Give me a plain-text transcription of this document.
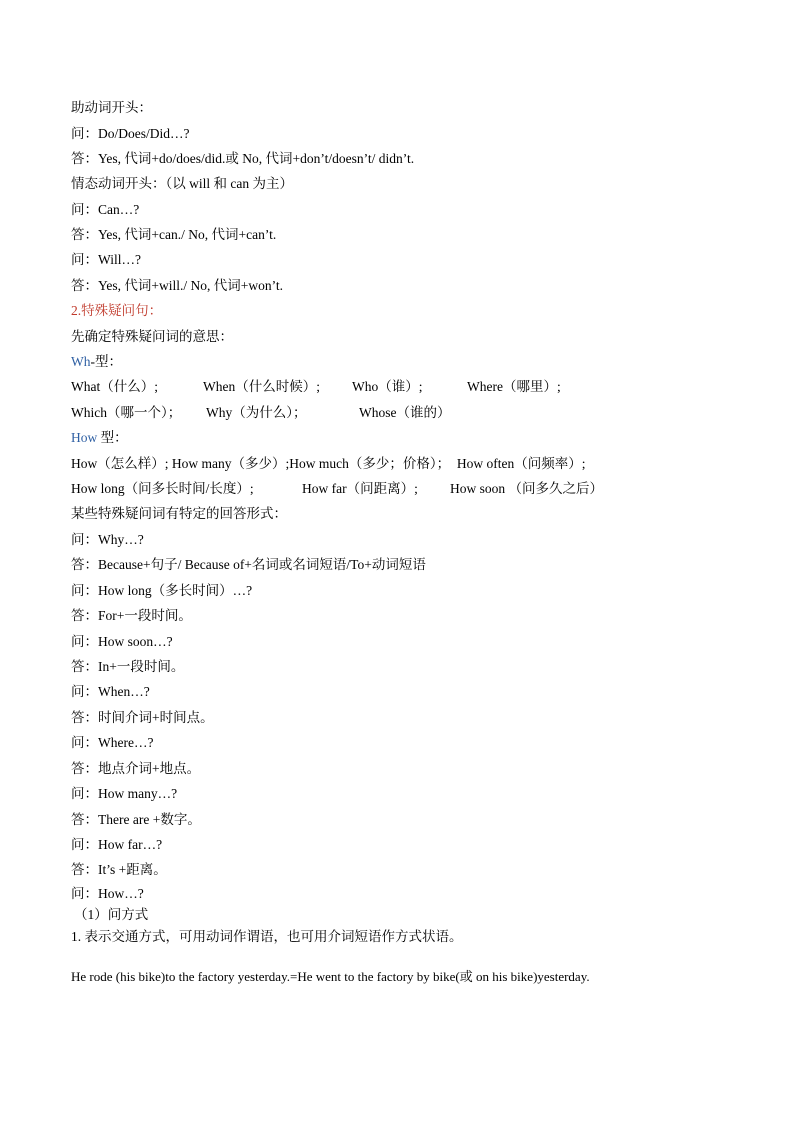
助动词开头：
问：Do/Does/Did…?
答：Yes, 代词+do/does/did.或 No, 代词+don’t/doesn’t/ didn’t.
情态动词开头：（以 will 和 can 为主）
问：Can…?
答：Yes, 代词+can./ No, 代词+can’t.
问：Will…?
答：Yes, 代词+will./ No, 代词+won’t.
2.特殊疑问句：
先确定特殊疑问词的意思：
Wh-型：
What（什么）;	When（什么时候）; Who（谁）;	Where（哪里）;
Which（哪一个）； Why（为什么）；	Whose（谁的）
How 型：
How（怎么样）; How many（多少）;How much（多少；价格）；  How often（问频率）;
How long（问多长时间/长度）;	How far（问距离）; How soon （问多久之后）
某些特殊疑问词有特定的回答形式：
问：Why…?
答：Because+句子/ Because of+名词或名词短语/To+动词短语
问：How long（多长时间）…?
答：For+一段时间。
问：How soon…?
答：In+一段时间。
问：When…?
答：时间介词+时间点。
问：Where…?
答：地点介词+地点。
问：How many…?
答：There are +数字。
问：How far…?
答：It’s +距离。
问：How…?
（1）问方式
1. 表示交通方式，可用动词作谓语，也可用介词短语作方式状语。
He rode (his bike)to the factory yesterday.=He went to the factory by bike(或 on his bike)yesterday.
